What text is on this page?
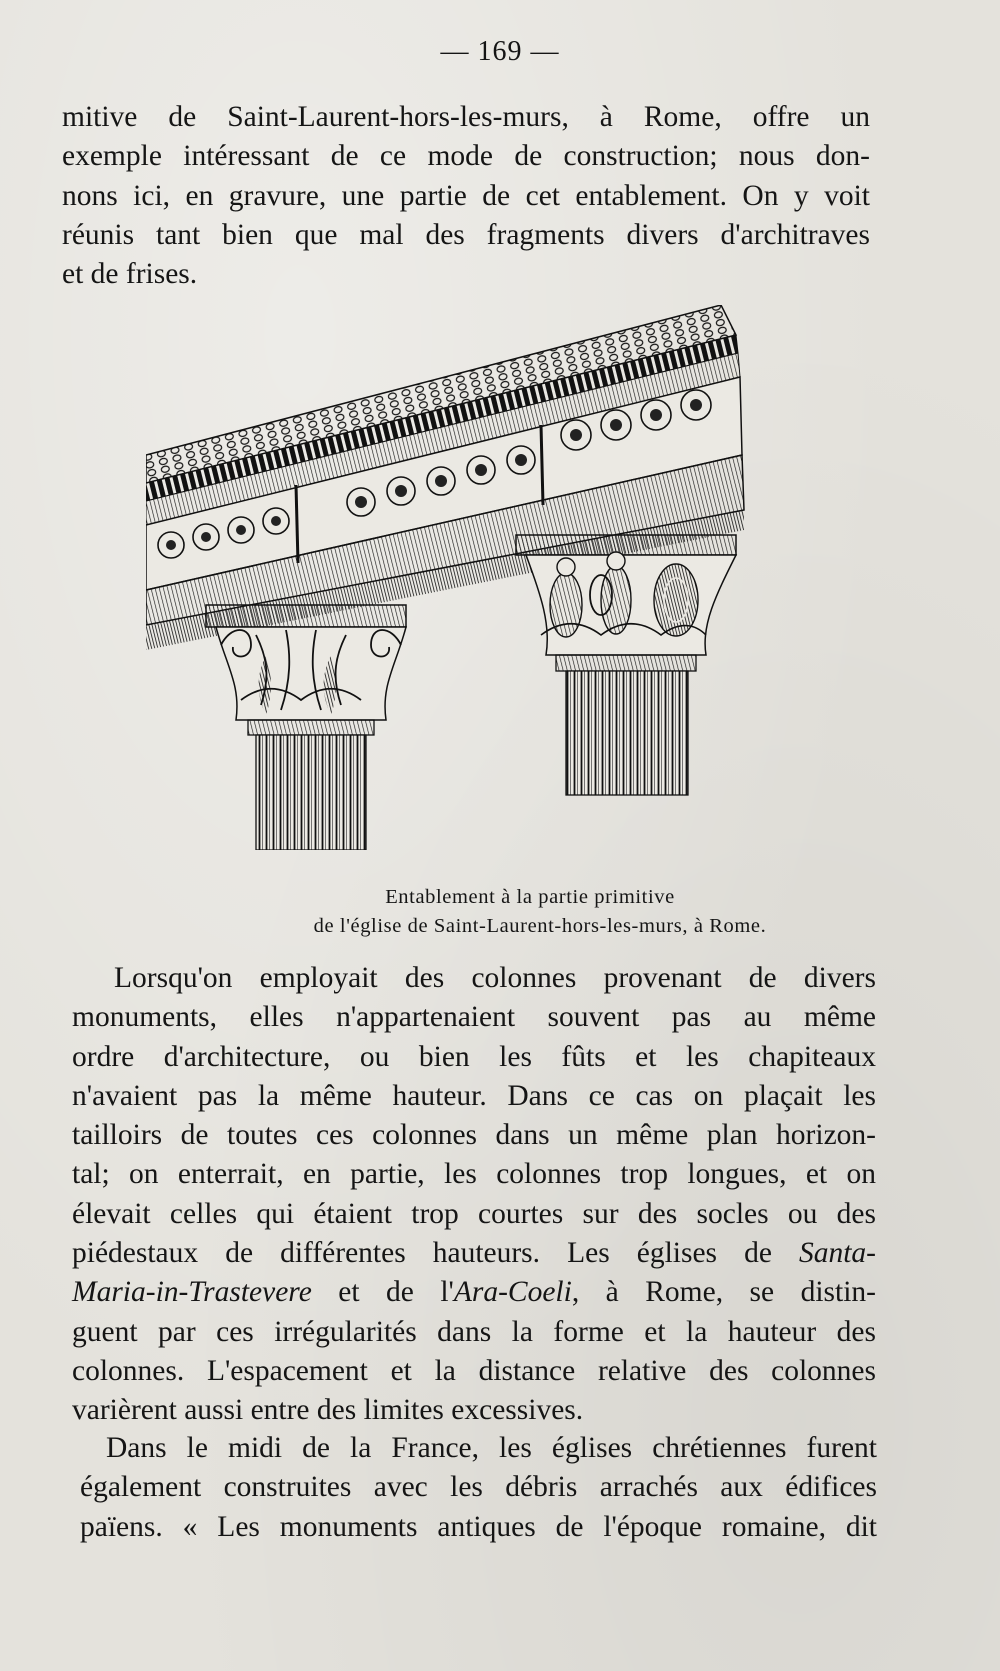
— 169 —
mitive de Saint-Laurent-hors-les-murs, à Rome, offre un
exemple intéressant de ce mode de construction; nous don-
nons ici, en gravure, une partie de cet entablement. On y voit
réunis tant bien que mal des fragments divers d'architraves
et de frises.
Entablement à la partie primitive
de l'église de Saint-Laurent-hors-les-murs, à Rome.
Lorsqu'on employait des colonnes provenant de divers
monuments, elles n'appartenaient souvent pas au même
ordre d'architecture, ou bien les fûts et les chapiteaux
n'avaient pas la même hauteur. Dans ce cas on plaçait les
tailloirs de toutes ces colonnes dans un même plan horizon-
tal; on enterrait, en partie, les colonnes trop longues, et on
élevait celles qui étaient trop courtes sur des socles ou des
piédestaux de différentes hauteurs. Les églises de Santa-
Maria-in-Trastevere et de l'Ara-Coeli, à Rome, se distin-
guent par ces irrégularités dans la forme et la hauteur des
colonnes. L'espacement et la distance relative des colonnes
varièrent aussi entre des limites excessives.
Dans le midi de la France, les églises chrétiennes furent
également construites avec les débris arrachés aux édifices
païens. « Les monuments antiques de l'époque romaine, dit
